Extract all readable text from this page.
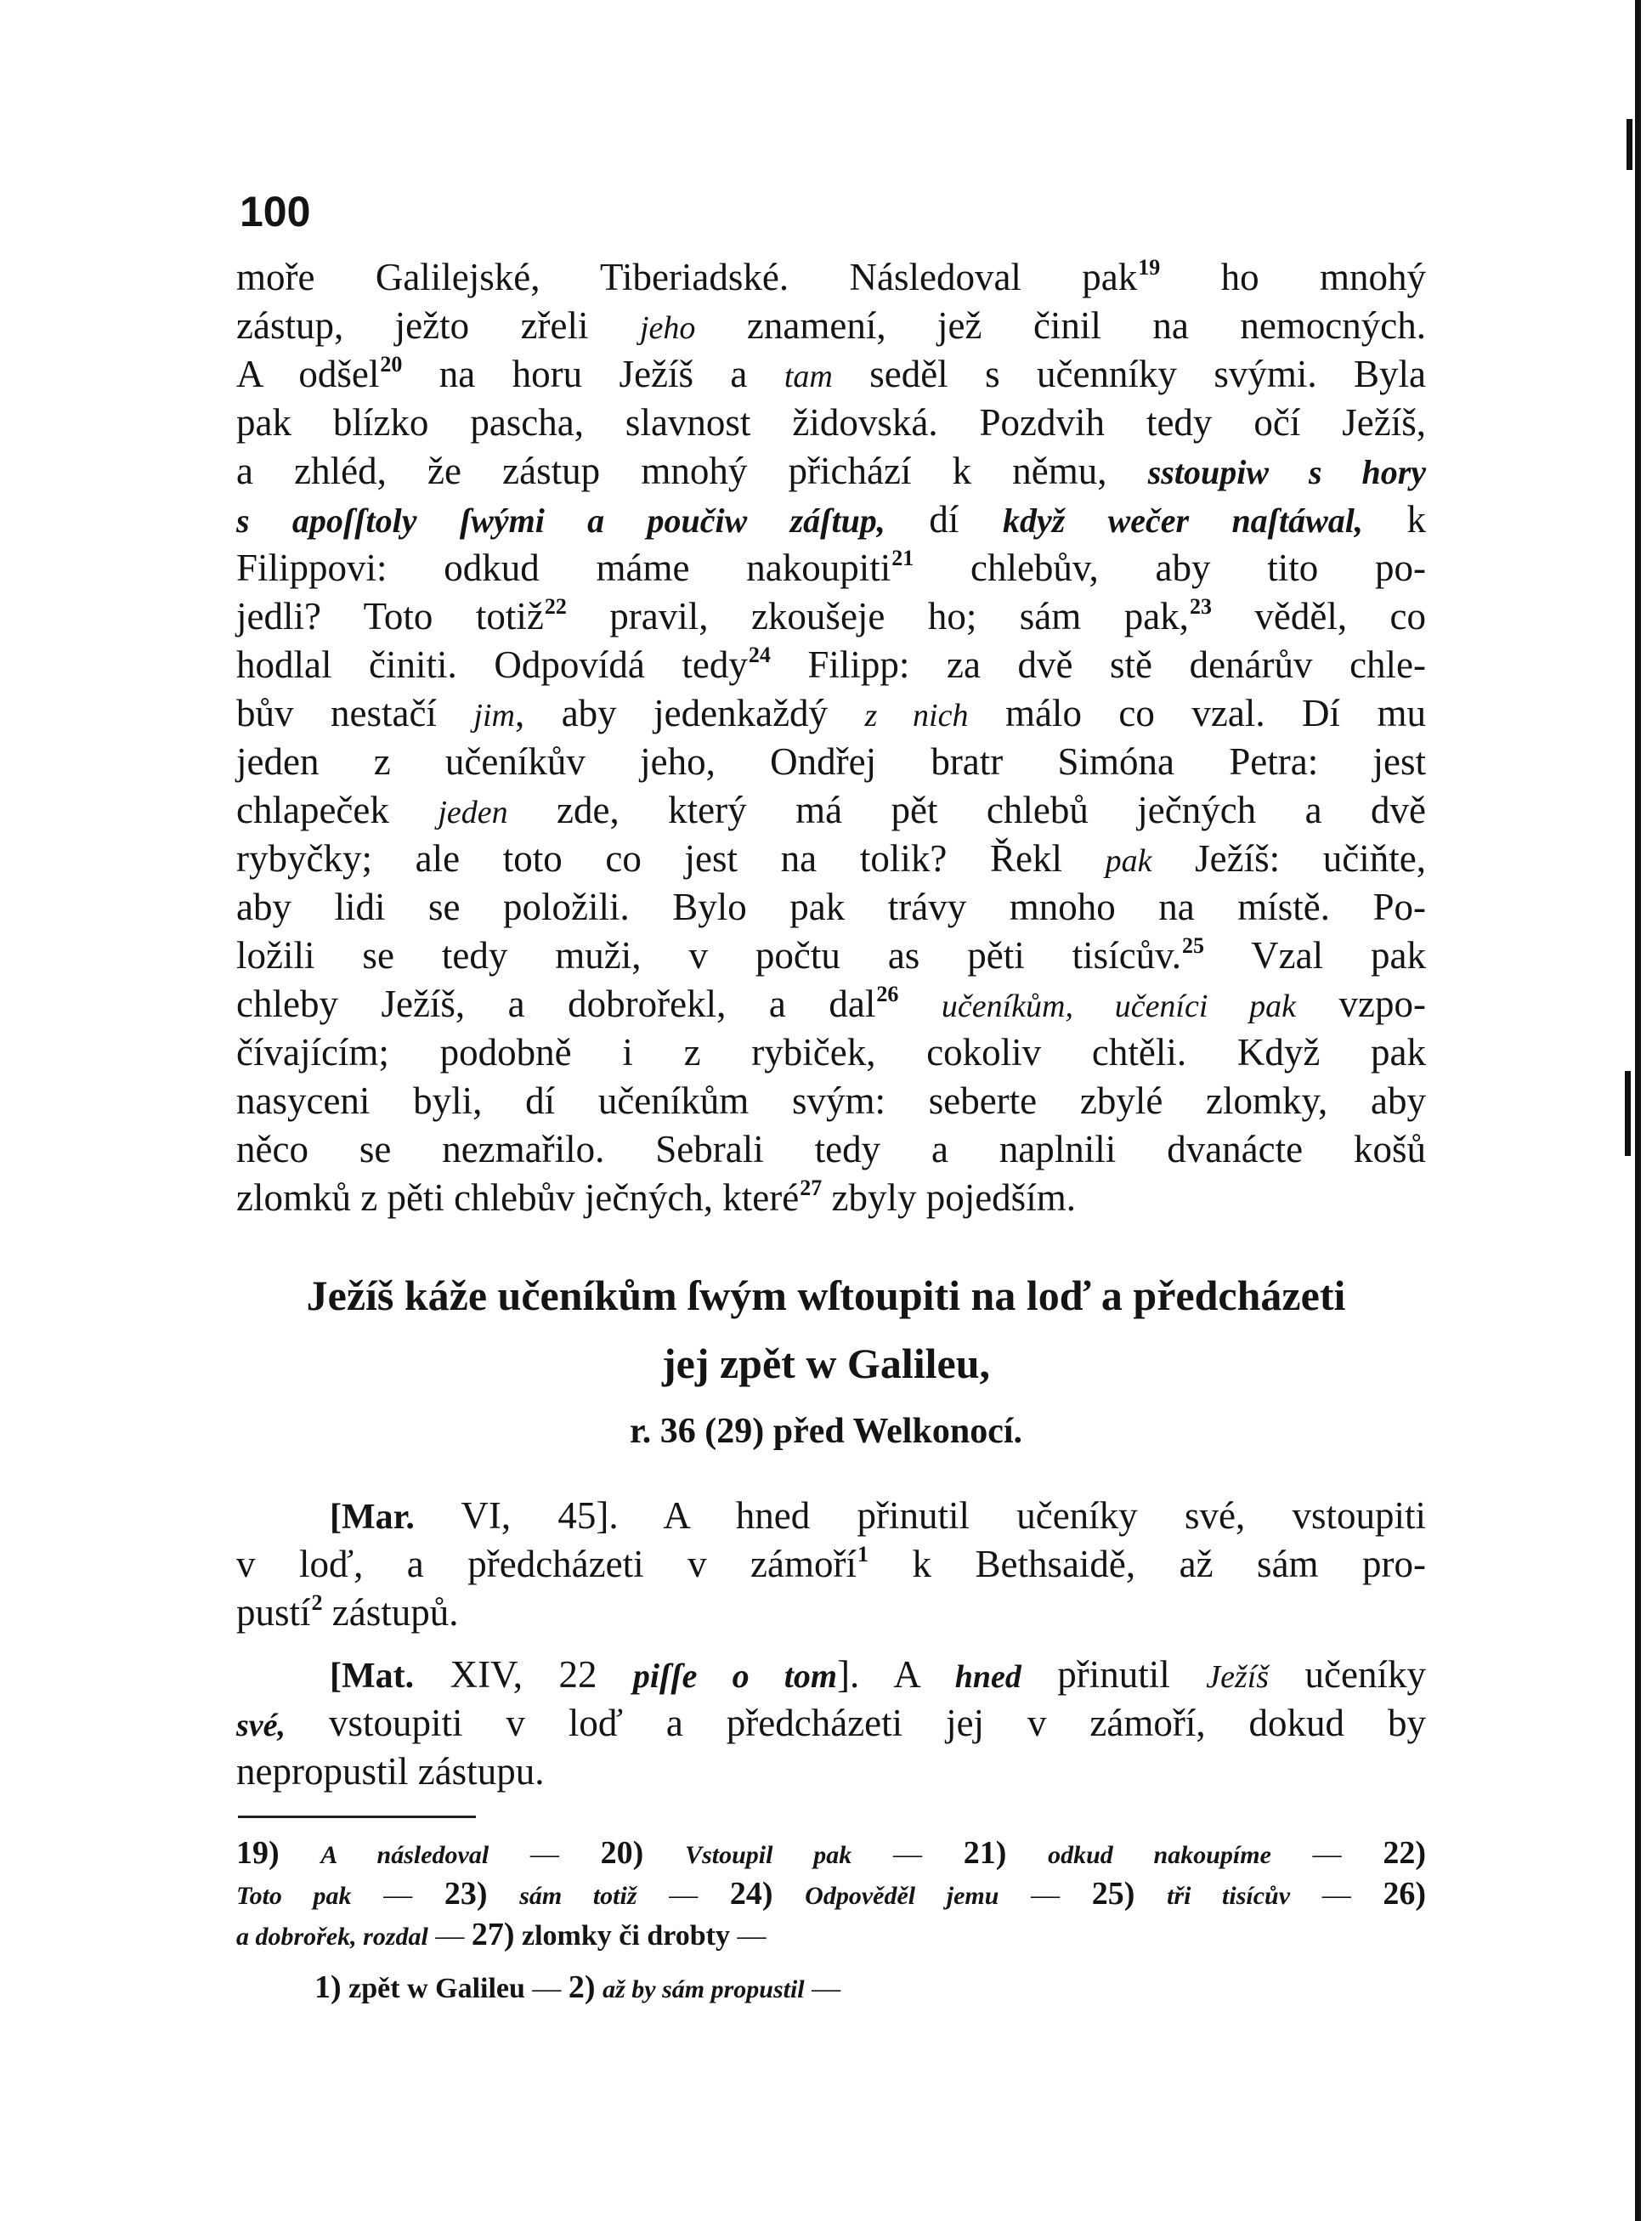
100
moře Galilejské, Tiberiadské. Následoval pak$^{19}$ ho mnohý
zástup, ježto zřeli jeho znamení, jež činil na nemocných.
A odšel$^{20}$ na horu Ježíš a tam seděl s učenníky svými. Byla
pak blízko pascha, slavnost židovská. Pozdvih tedy očí Ježíš,
a zhléd, že zástup mnohý přichází k němu, sstoupiw s hory
s apoſſtoly ſwými a poučiw záſtup, dí když wečer naſtáwal, k
Filippovi: odkud máme nakoupiti$^{21}$ chlebův, aby tito po-
jedli? Toto totiž$^{22}$ pravil, zkoušeje ho; sám pak,$^{23}$ věděl, co
hodlal činiti. Odpovídá tedy$^{24}$ Filipp: za dvě stě denárův chle-
bův nestačí jim, aby jedenkaždý z nich málo co vzal. Dí mu
jeden z učeníkův jeho, Ondřej bratr Simóna Petra: jest
chlapeček jeden zde, který má pět chlebů ječných a dvě
rybyčky; ale toto co jest na tolik? Řekl pak Ježíš: učiňte,
aby lidi se položili. Bylo pak trávy mnoho na místě. Po-
ložili se tedy muži, v počtu as pěti tisícův.$^{25}$ Vzal pak
chleby Ježíš, a dobrořekl, a dal$^{26}$ učeníkům, učeníci pak vzpo-
čívajícím; podobně i z rybiček, cokoliv chtěli. Když pak
nasyceni byli, dí učeníkům svým: seberte zbylé zlomky, aby
něco se nezmařilo. Sebrali tedy a naplnili dvanácte košů
zlomků z pěti chlebův ječných, které$^{27}$ zbyly pojedším.
Ježíš káže učeníkům ſwým wſtoupiti na loď a předcházeti
jej zpět w Galileu,
r. 36 (29) před Welkonocí.
[Mar. VI, 45]. A hned přinutil učeníky své, vstoupiti
v loď, a předcházeti v zámoří$^1$ k Bethsaidě, až sám pro-
pustí$^2$ zástupů.
[Mat. XIV, 22 piſſe o tom]. A hned přinutil Ježíš učeníky
své, vstoupiti v loď a předcházeti jej v zámoří, dokud by
nepropustil zástupu.
19) A následoval — 20) Vstoupil pak — 21) odkud nakoupíme — 22)
Toto pak — 23) sám totiž — 24) Odpověděl jemu — 25) tři tisícův — 26)
a dobrořek, rozdal — 27) zlomky či drobty —
1) zpět w Galileu — 2) až by sám propustil —
